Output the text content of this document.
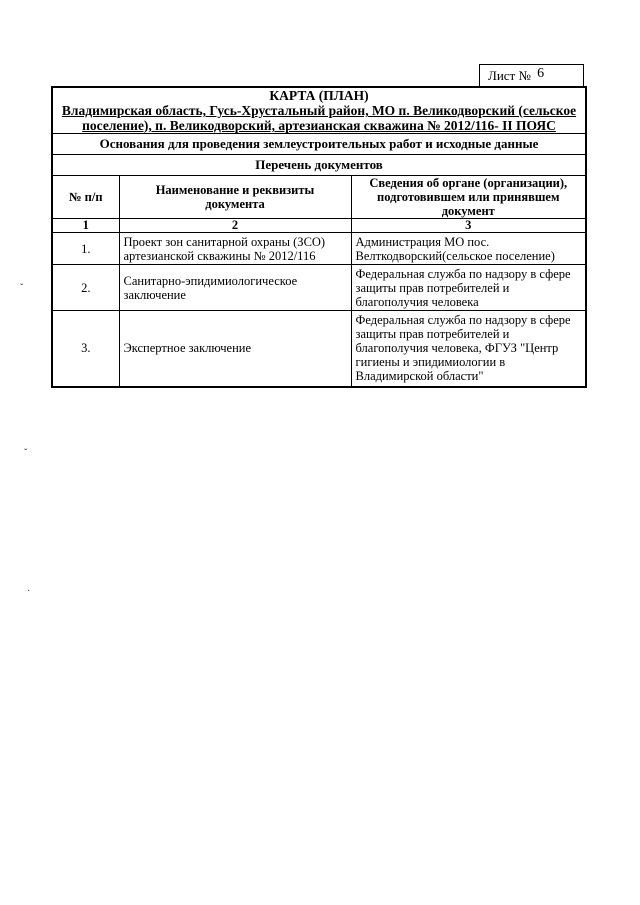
Лист № 6
КАРТА (ПЛАН)
Владимирская область, Гусь-Хрустальный район, МО п. Великодворский (сельское поселение), п. Великодворский, артезианская скважина № 2012/116- II ПОЯС		

Основания для проведения землеустроительных работ и исходные данные		
Перечень документов		
№ п/п	Наименование и реквизиты документа	Сведения об органе (организации), подготовившем или принявшем документ
1	2	3
1.	Проект зон санитарной охраны (ЗСО) артезианской скважины № 2012/116	Администрация МО пос. Велткодворский(сельское поселение)
2.	Санитарно-эпидимиологическое заключение	Федеральная служба по надзору в сфере защиты прав потребителей и благополучия человека
3.	Экспертное заключение	Федеральная служба по надзору в сфере защиты прав потребителей и благополучия человека, ФГУЗ "Центр гигиены и эпидимиологии в Владимирской области"
ˇ
ˇ
·
